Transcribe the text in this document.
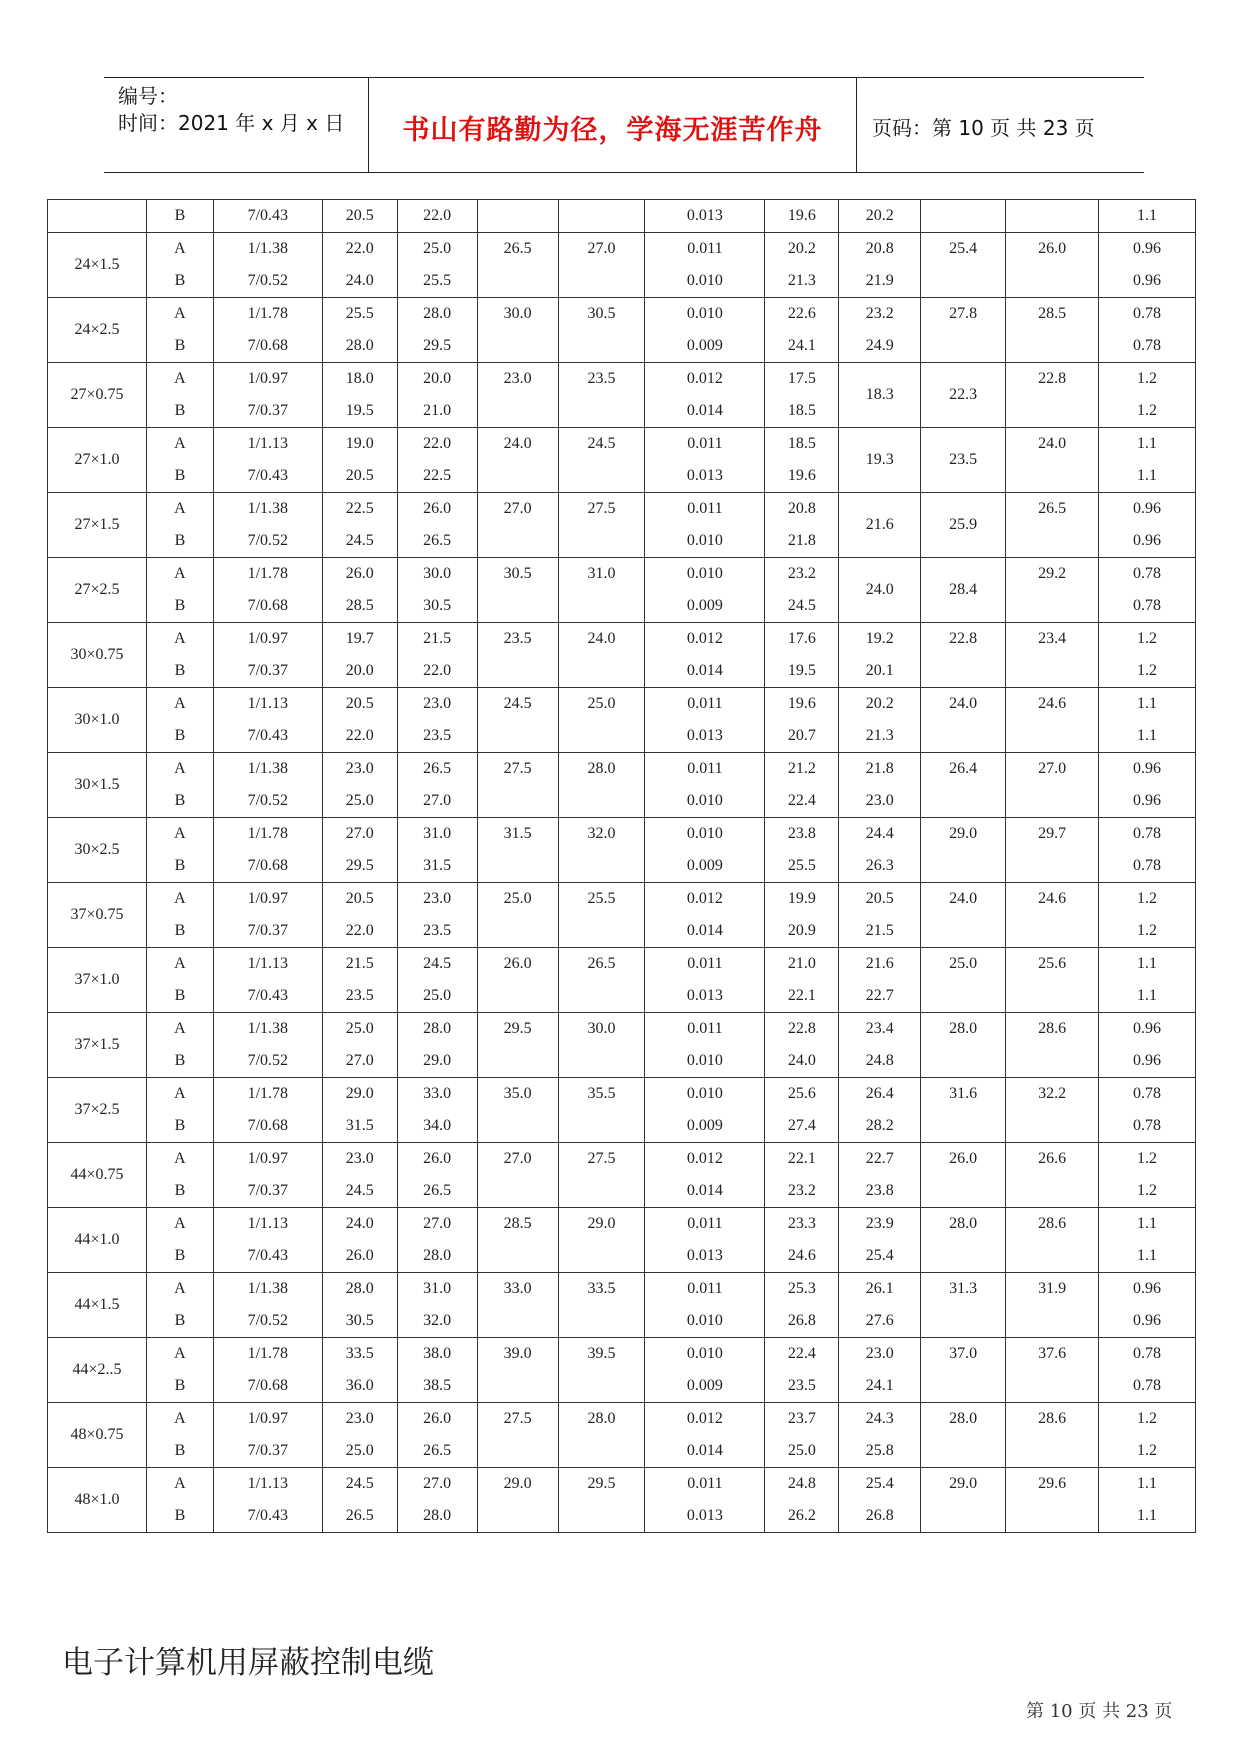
编号：
时间：2021 年 x 月 x 日	书山有路勤为径，学海无涯苦作舟	页码：第 10 页 共 23 页
	B	7/0.43	20.5	22.0			0.013	19.6	20.2			1.1
24×1.5	A	1/1.38	22.0	25.0	26.5	27.0	0.011	20.2	20.8	25.4	26.0	0.96
	B	7/0.52	24.0	25.5			0.010	21.3	21.9			0.96
24×2.5	A	1/1.78	25.5	28.0	30.0	30.5	0.010	22.6	23.2	27.8	28.5	0.78
	B	7/0.68	28.0	29.5			0.009	24.1	24.9			0.78
27×0.75	A	1/0.97	18.0	20.0	23.0	23.5	0.012	17.5	18.3	22.3	22.8	1.2
	B	7/0.37	19.5	21.0			0.014	18.5				1.2
27×1.0	A	1/1.13	19.0	22.0	24.0	24.5	0.011	18.5	19.3	23.5	24.0	1.1
	B	7/0.43	20.5	22.5			0.013	19.6				1.1
27×1.5	A	1/1.38	22.5	26.0	27.0	27.5	0.011	20.8	21.6	25.9	26.5	0.96
	B	7/0.52	24.5	26.5			0.010	21.8				0.96
27×2.5	A	1/1.78	26.0	30.0	30.5	31.0	0.010	23.2	24.0	28.4	29.2	0.78
	B	7/0.68	28.5	30.5			0.009	24.5				0.78
30×0.75	A	1/0.97	19.7	21.5	23.5	24.0	0.012	17.6	19.2	22.8	23.4	1.2
	B	7/0.37	20.0	22.0			0.014	19.5	20.1			1.2
30×1.0	A	1/1.13	20.5	23.0	24.5	25.0	0.011	19.6	20.2	24.0	24.6	1.1
	B	7/0.43	22.0	23.5			0.013	20.7	21.3			1.1
30×1.5	A	1/1.38	23.0	26.5	27.5	28.0	0.011	21.2	21.8	26.4	27.0	0.96
	B	7/0.52	25.0	27.0			0.010	22.4	23.0			0.96
30×2.5	A	1/1.78	27.0	31.0	31.5	32.0	0.010	23.8	24.4	29.0	29.7	0.78
	B	7/0.68	29.5	31.5			0.009	25.5	26.3			0.78
37×0.75	A	1/0.97	20.5	23.0	25.0	25.5	0.012	19.9	20.5	24.0	24.6	1.2
	B	7/0.37	22.0	23.5			0.014	20.9	21.5			1.2
37×1.0	A	1/1.13	21.5	24.5	26.0	26.5	0.011	21.0	21.6	25.0	25.6	1.1
	B	7/0.43	23.5	25.0			0.013	22.1	22.7			1.1
37×1.5	A	1/1.38	25.0	28.0	29.5	30.0	0.011	22.8	23.4	28.0	28.6	0.96
	B	7/0.52	27.0	29.0			0.010	24.0	24.8			0.96
37×2.5	A	1/1.78	29.0	33.0	35.0	35.5	0.010	25.6	26.4	31.6	32.2	0.78
	B	7/0.68	31.5	34.0			0.009	27.4	28.2			0.78
44×0.75	A	1/0.97	23.0	26.0	27.0	27.5	0.012	22.1	22.7	26.0	26.6	1.2
	B	7/0.37	24.5	26.5			0.014	23.2	23.8			1.2
44×1.0	A	1/1.13	24.0	27.0	28.5	29.0	0.011	23.3	23.9	28.0	28.6	1.1
	B	7/0.43	26.0	28.0			0.013	24.6	25.4			1.1
44×1.5	A	1/1.38	28.0	31.0	33.0	33.5	0.011	25.3	26.1	31.3	31.9	0.96
	B	7/0.52	30.5	32.0			0.010	26.8	27.6			0.96
44×2..5	A	1/1.78	33.5	38.0	39.0	39.5	0.010	22.4	23.0	37.0	37.6	0.78
	B	7/0.68	36.0	38.5			0.009	23.5	24.1			0.78
48×0.75	A	1/0.97	23.0	26.0	27.5	28.0	0.012	23.7	24.3	28.0	28.6	1.2
	B	7/0.37	25.0	26.5			0.014	25.0	25.8			1.2
48×1.0	A	1/1.13	24.5	27.0	29.0	29.5	0.011	24.8	25.4	29.0	29.6	1.1
	B	7/0.43	26.5	28.0			0.013	26.2	26.8			1.1
电子计算机用屏蔽控制电缆
第 10 页 共 23 页
